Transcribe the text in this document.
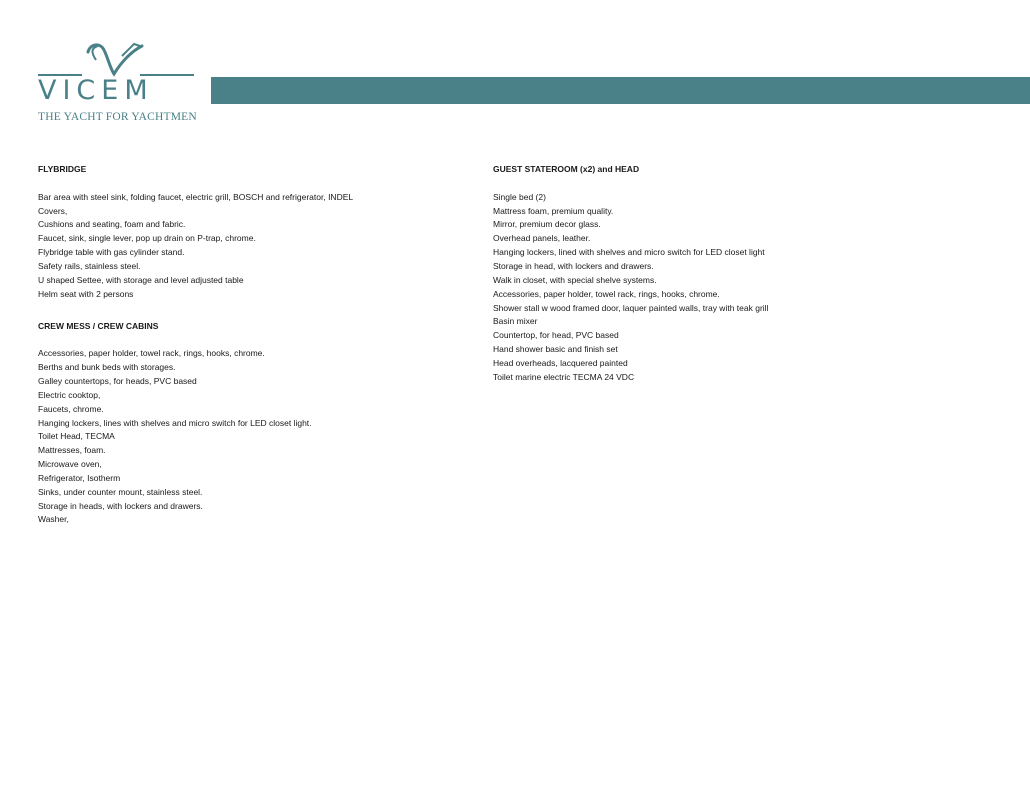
VICEM
THE YACHT FOR YACHTMEN
FLYBRIDGE
Bar area with steel sink, folding faucet, electric grill, BOSCH and refrigerator, INDEL
Covers,
Cushions and seating, foam and fabric.
Faucet, sink, single lever, pop up drain on P-trap, chrome.
Flybridge table with gas cylinder stand.
Safety rails, stainless steel.
U shaped Settee, with storage and level adjusted table
Helm seat with 2 persons
CREW MESS / CREW CABINS
Accessories, paper holder, towel rack, rings, hooks, chrome.
Berths and bunk beds with storages.
Galley countertops, for heads, PVC based
Electric cooktop,
Faucets, chrome.
Hanging lockers, lines with shelves and micro switch for LED closet light.
Toilet Head, TECMA
Mattresses, foam.
Microwave oven,
Refrigerator, Isotherm
Sinks, under counter mount, stainless steel.
Storage in heads, with lockers and drawers.
Washer,
GUEST STATEROOM (x2) and HEAD
Single bed (2)
Mattress foam, premium quality.
Mirror, premium decor glass.
Overhead panels, leather.
Hanging lockers, lined with shelves and micro switch for LED closet light
Storage in head, with lockers and drawers.
Walk in closet, with special shelve systems.
Accessories, paper holder, towel rack, rings, hooks, chrome.
Shower stall w wood framed door, laquer painted walls, tray with teak grill
Basin mixer
Countertop, for head, PVC based
Hand shower basic and finish set
Head overheads, lacquered painted
Toilet marine electric TECMA 24 VDC
